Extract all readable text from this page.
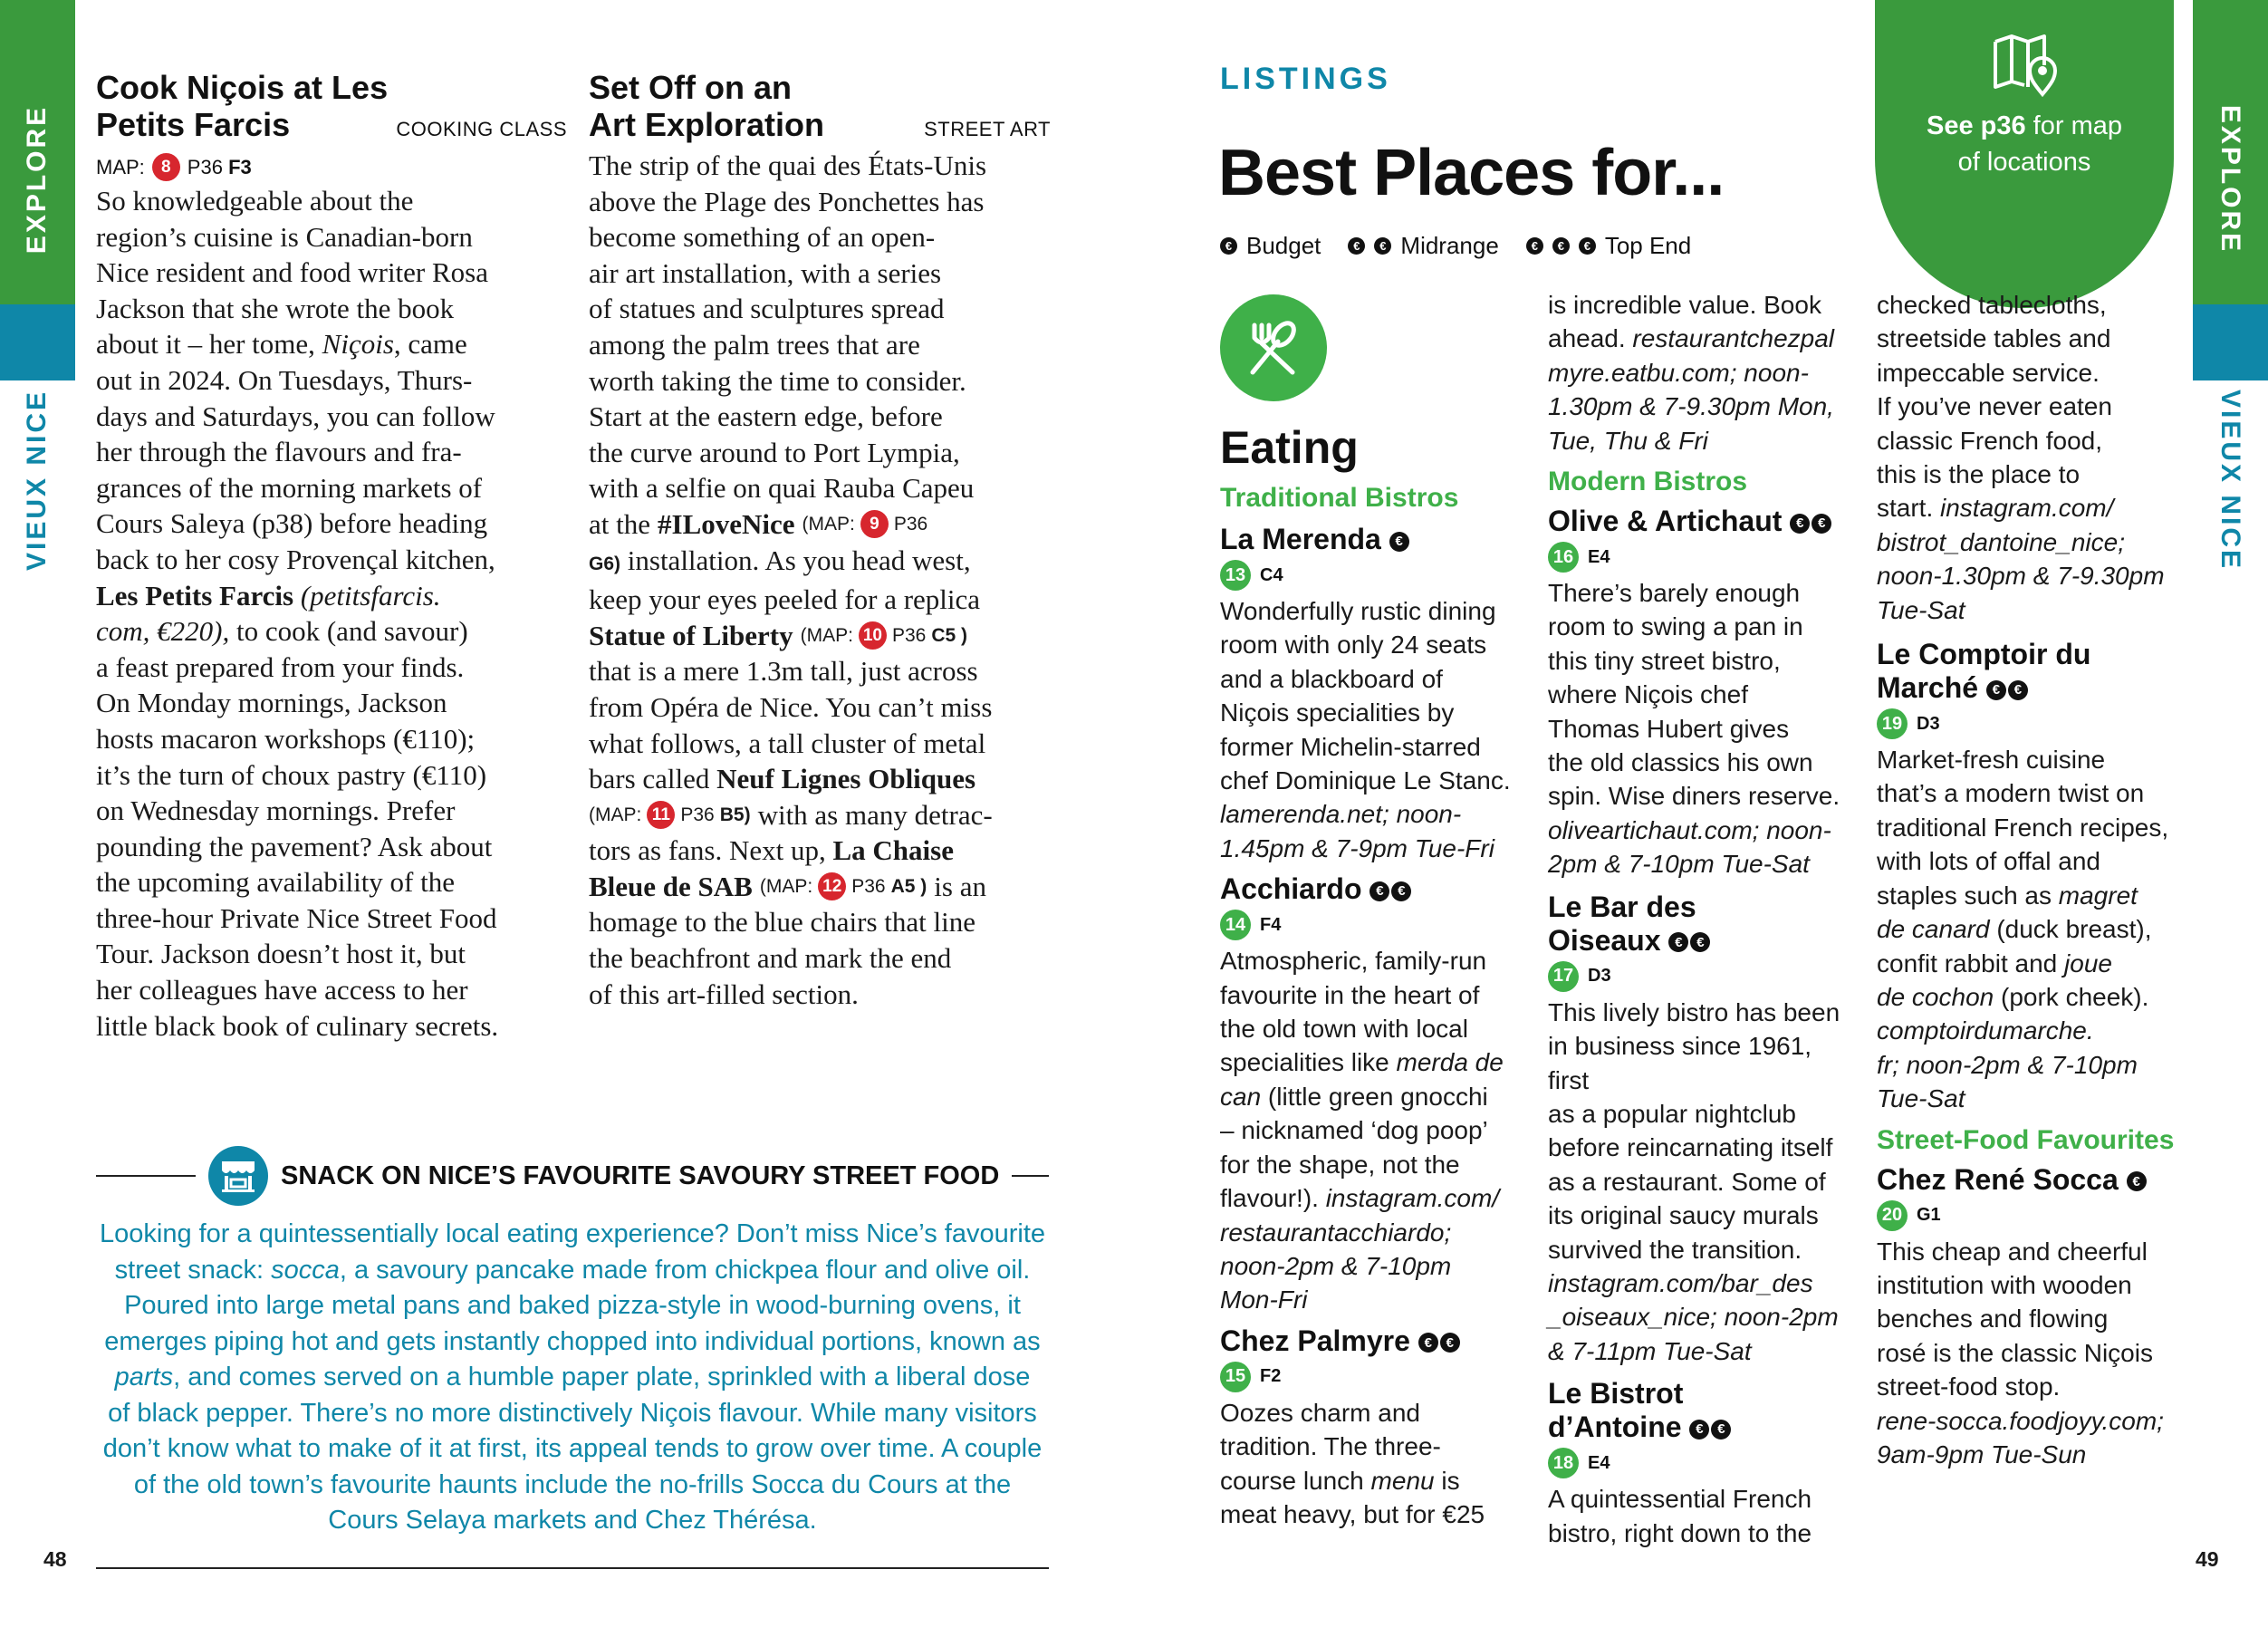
EXPLORE
VIEUX NICE
EXPLORE
VIEUX NICE
Cook Niçois at Les
Petits Farcis	COOKING CLASS
MAP: 8 P36 F3
So knowledgeable about the
region’s cuisine is Canadian-born
Nice resident and food writer Rosa
Jackson that she wrote the book
about it – her tome, Niçois, came
out in 2024. On Tuesdays, Thurs-
days and Saturdays, you can follow
her through the flavours and fra-
grances of the morning markets of
Cours Saleya (p38) before heading
back to her cosy Provençal kitchen,
Les Petits Farcis (petitsfarcis.
com, €220), to cook (and savour)
a feast prepared from your finds.
On Monday mornings, Jackson
hosts macaron workshops (€110);
it’s the turn of choux pastry (€110)
on Wednesday mornings. Prefer
pounding the pavement? Ask about
the upcoming availability of the
three-hour Private Nice Street Food
Tour. Jackson doesn’t host it, but
her colleagues have access to her
little black book of culinary secrets.
Set Off on an
Art Exploration	STREET ART
The strip of the quai des États-Unis
above the Plage des Ponchettes has
become something of an open-
air art installation, with a series
of statues and sculptures spread
among the palm trees that are
worth taking the time to consider.
Start at the eastern edge, before
the curve around to Port Lympia,
with a selfie on quai Rauba Capeu
at the #ILoveNice (MAP: 9 P36
G6) installation. As you head west,
keep your eyes peeled for a replica
Statue of Liberty (MAP: 10 P36 C5 )
that is a mere 1.3m tall, just across
from Opéra de Nice. You can’t miss
what follows, a tall cluster of metal
bars called Neuf Lignes Obliques
(MAP: 11 P36 B5) with as many detrac-
tors as fans. Next up, La Chaise
Bleue de SAB (MAP: 12 P36 A5 ) is an
homage to the blue chairs that line
the beachfront and mark the end
of this art-filled section.
SNACK ON NICE’S FAVOURITE SAVOURY STREET FOOD
Looking for a quintessentially local eating experience? Don’t miss Nice’s favourite
street snack: socca, a savoury pancake made from chickpea flour and olive oil.
Poured into large metal pans and baked pizza-style in wood-burning ovens, it
emerges piping hot and gets instantly chopped into individual portions, known as
parts, and comes served on a humble paper plate, sprinkled with a liberal dose
of black pepper. There’s no more distinctively Niçois flavour. While many visitors
don’t know what to make of it at first, its appeal tends to grow over time. A couple
of the old town’s favourite haunts include the no-frills Socca du Cours at the
Cours Selaya markets and Chez Thérésa.
48
LISTINGS
Best Places for...
€ Budget	€	€ Midrange	€	€	€ Top End
See p36 for map
of locations
Eating
Traditional Bistros
La Merenda €
13 C4
Wonderfully rustic dining
room with only 24 seats
and a blackboard of
Niçois specialities by
former Michelin-starred
chef Dominique Le Stanc.
lamerenda.net; noon-
1.45pm & 7-9pm Tue-Fri
Acchiardo € €
14 F4
Atmospheric, family-run
favourite in the heart of
the old town with local
specialities like merda de
can (little green gnocchi
– nicknamed ‘dog poop’
for the shape, not the
flavour!). instagram.com/
restaurantacchiardo;
noon-2pm & 7-10pm
Mon-Fri
Chez Palmyre € €
15 F2
Oozes charm and
tradition. The three-
course lunch menu is
meat heavy, but for €25
is incredible value. Book
ahead. restaurantchezpal
myre.eatbu.com; noon-
1.30pm & 7-9.30pm Mon,
Tue, Thu & Fri
Modern Bistros
Olive & Artichaut € €
16 E4
There’s barely enough
room to swing a pan in
this tiny street bistro,
where Niçois chef
Thomas Hubert gives
the old classics his own
spin. Wise diners reserve.
oliveartichaut.com; noon-
2pm & 7-10pm Tue-Sat
Le Bar des
Oiseaux € €
17 D3
This lively bistro has been
in business since 1961, first
as a popular nightclub
before reincarnating itself
as a restaurant. Some of
its original saucy murals
survived the transition.
instagram.com/bar_des
_oiseaux_nice; noon-2pm
& 7-11pm Tue-Sat
Le Bistrot
d’Antoine € €
18 E4
A quintessential French
bistro, right down to the
checked tablecloths,
streetside tables and
impeccable service.
If you’ve never eaten
classic French food,
this is the place to
start. instagram.com/
bistrot_dantoine_nice;
noon-1.30pm & 7-9.30pm
Tue-Sat
Le Comptoir du
Marché € €
19 D3
Market-fresh cuisine
that’s a modern twist on
traditional French recipes,
with lots of offal and
staples such as magret
de canard (duck breast),
confit rabbit and joue
de cochon (pork cheek).
comptoirdumarche.
fr; noon-2pm & 7-10pm
Tue-Sat
Street-Food Favourites
Chez René Socca €
20 G1
This cheap and cheerful
institution with wooden
benches and flowing
rosé is the classic Niçois
street-food stop.
rene-socca.foodjoyy.com;
9am-9pm Tue-Sun
49
